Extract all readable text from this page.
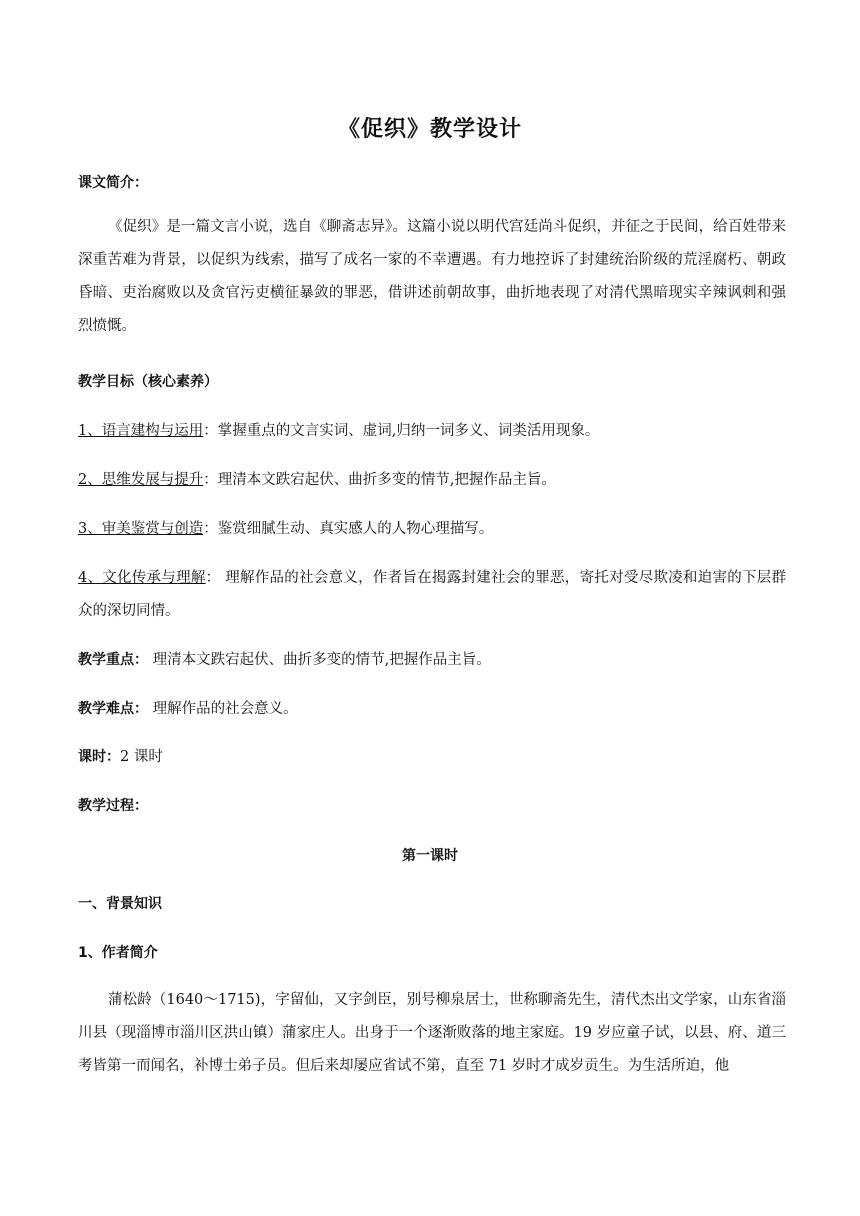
《促织》教学设计
课文简介：
《促织》是一篇文言小说，选自《聊斋志异》。这篇小说以明代宫廷尚斗促织，并征之于民间，给百姓带来深重苦难为背景，以促织为线索，描写了成名一家的不幸遭遇。有力地控诉了封建统治阶级的荒淫腐朽、朝政昏暗、吏治腐败以及贪官污吏横征暴敛的罪恶，借讲述前朝故事，曲折地表现了对清代黑暗现实辛辣讽刺和强烈愤慨。
教学目标（核心素养）
1、语言建构与运用：掌握重点的文言实词、虚词,归纳一词多义、词类活用现象。
2、思维发展与提升：理清本文跌宕起伏、曲折多变的情节,把握作品主旨。
3、审美鉴赏与创造：鉴赏细腻生动、真实感人的人物心理描写。
4、文化传承与理解： 理解作品的社会意义，作者旨在揭露封建社会的罪恶，寄托对受尽欺凌和迫害的下层群众的深切同情。
教学重点： 理清本文跌宕起伏、曲折多变的情节,把握作品主旨。
教学难点： 理解作品的社会意义。
课时：2 课时
教学过程：
第一课时
一、背景知识
1、作者简介
蒲松龄（1640～1715)，字留仙，又字剑臣，别号柳泉居士，世称聊斋先生，清代杰出文学家，山东省淄川县（现淄博市淄川区洪山镇）蒲家庄人。出身于一个逐渐败落的地主家庭。19 岁应童子试，以县、府、道三考皆第一而闻名，补博士弟子员。但后来却屡应省试不第，直至 71 岁时才成岁贡生。为生活所迫，他
